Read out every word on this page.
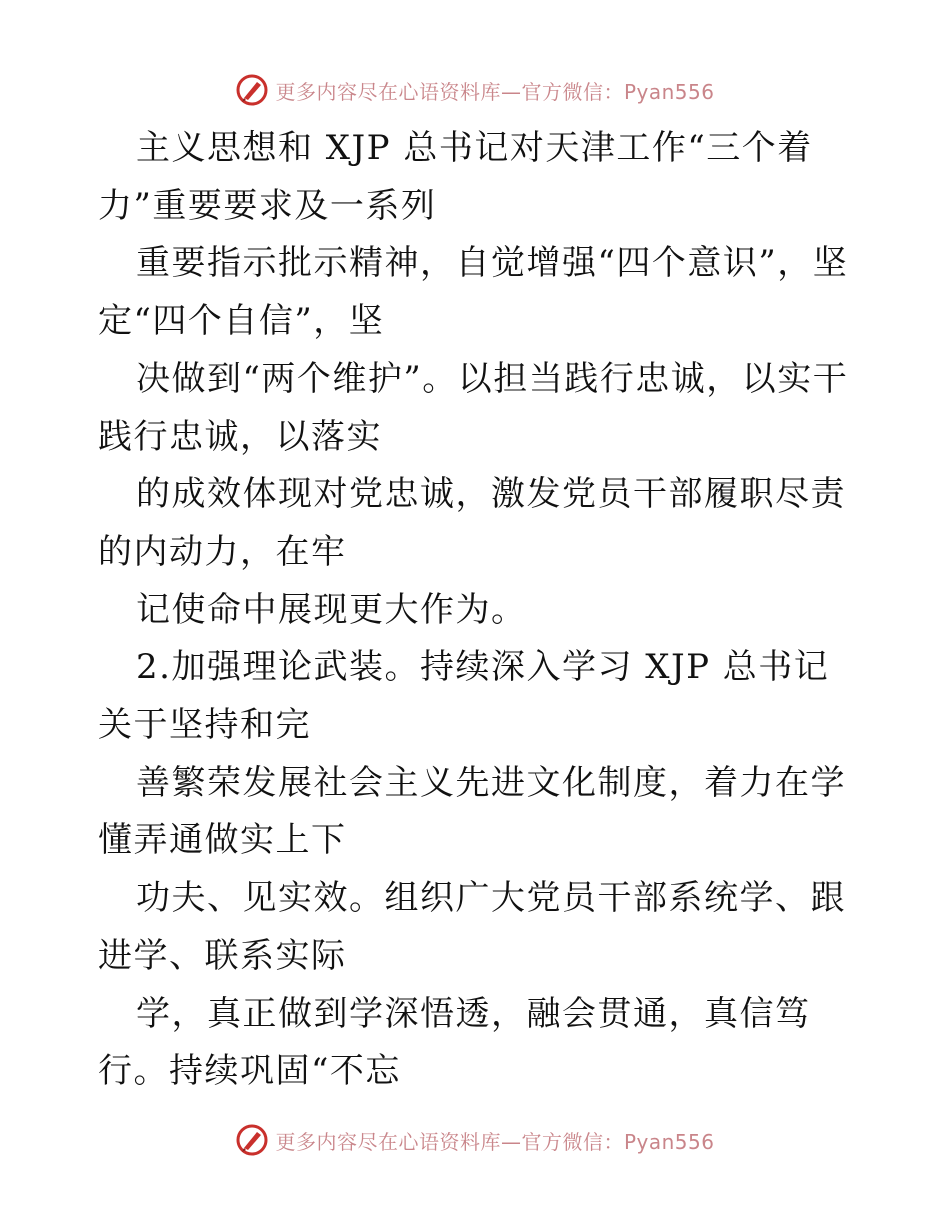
更多内容尽在心语资料库—官方微信：Pyan556

主义思想和 XJP 总书记对天津工作“三个着力”重要要求及一系列

重要指示批示精神，自觉增强“四个意识”，坚定“四个自信”，坚

决做到“两个维护”。以担当践行忠诚，以实干践行忠诚，以落实

的成效体现对党忠诚，激发党员干部履职尽责的内动力，在牢

记使命中展现更大作为。

2.加强理论武装。持续深入学习 XJP 总书记关于坚持和完

善繁荣发展社会主义先进文化制度，着力在学懂弄通做实上下

功夫、见实效。组织广大党员干部系统学、跟进学、联系实际

学，真正做到学深悟透，融会贯通，真信笃行。持续巩固“不忘

更多内容尽在心语资料库—官方微信：Pyan556
